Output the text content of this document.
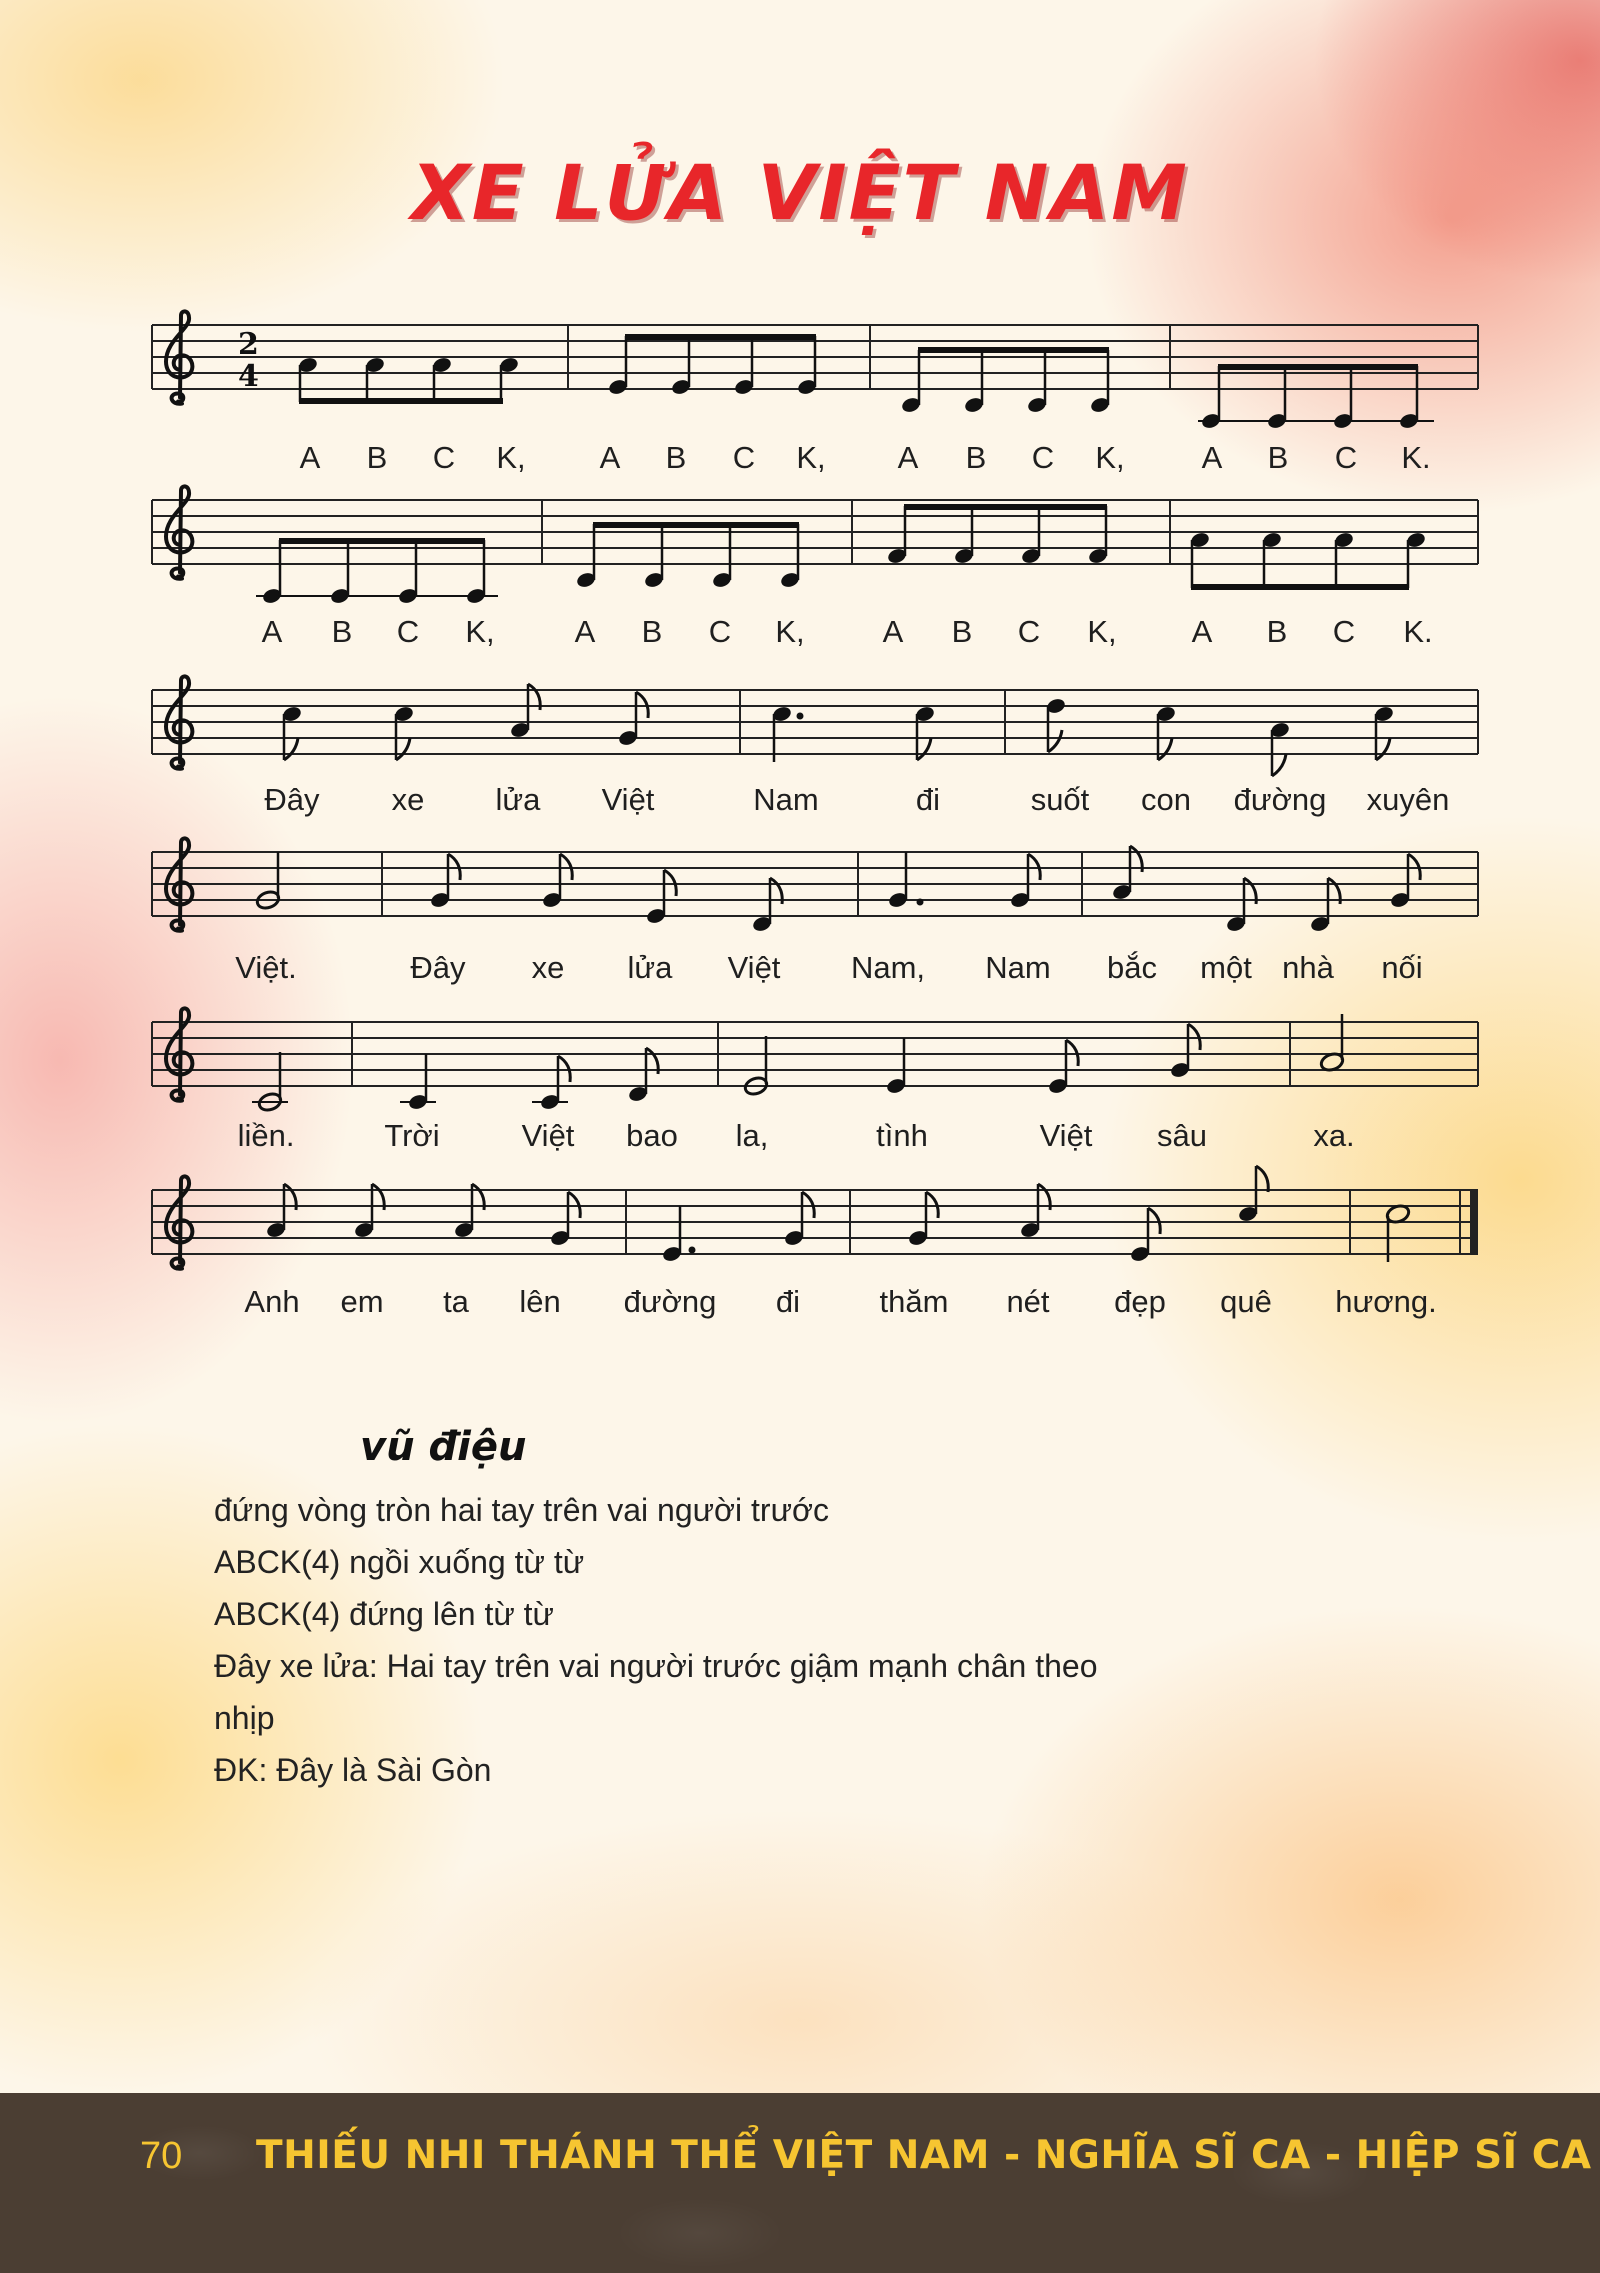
XE LỬA VIỆT NAM
2
4
A B C K, A B C K, A B C K, A B C K.
A B C K,	A B C K,	A B C K, A B C K.
Đây xe lửa Việt	Nam	đi	suốt con đường xuyên
Việt.	Đây xe lửa Việt Nam, Nam bắc một nhà nối
liền.	Trời	Việt bao la,	tình	Việt sâu	xa.
Anh em ta lên đường đi	thăm nét đẹp quê hương.
vũ điệu
đứng vòng tròn hai tay trên vai người trước
ABCK(4) ngồi xuống từ từ
ABCK(4) đứng lên từ từ
Đây xe lửa: Hai tay trên vai người trước giậm mạnh chân theo
nhịp
ĐK: Đây là Sài Gòn
70 THIẾU NHI THÁNH THỂ VIỆT NAM - NGHĨA SĨ CA - HIỆP SĨ CA
